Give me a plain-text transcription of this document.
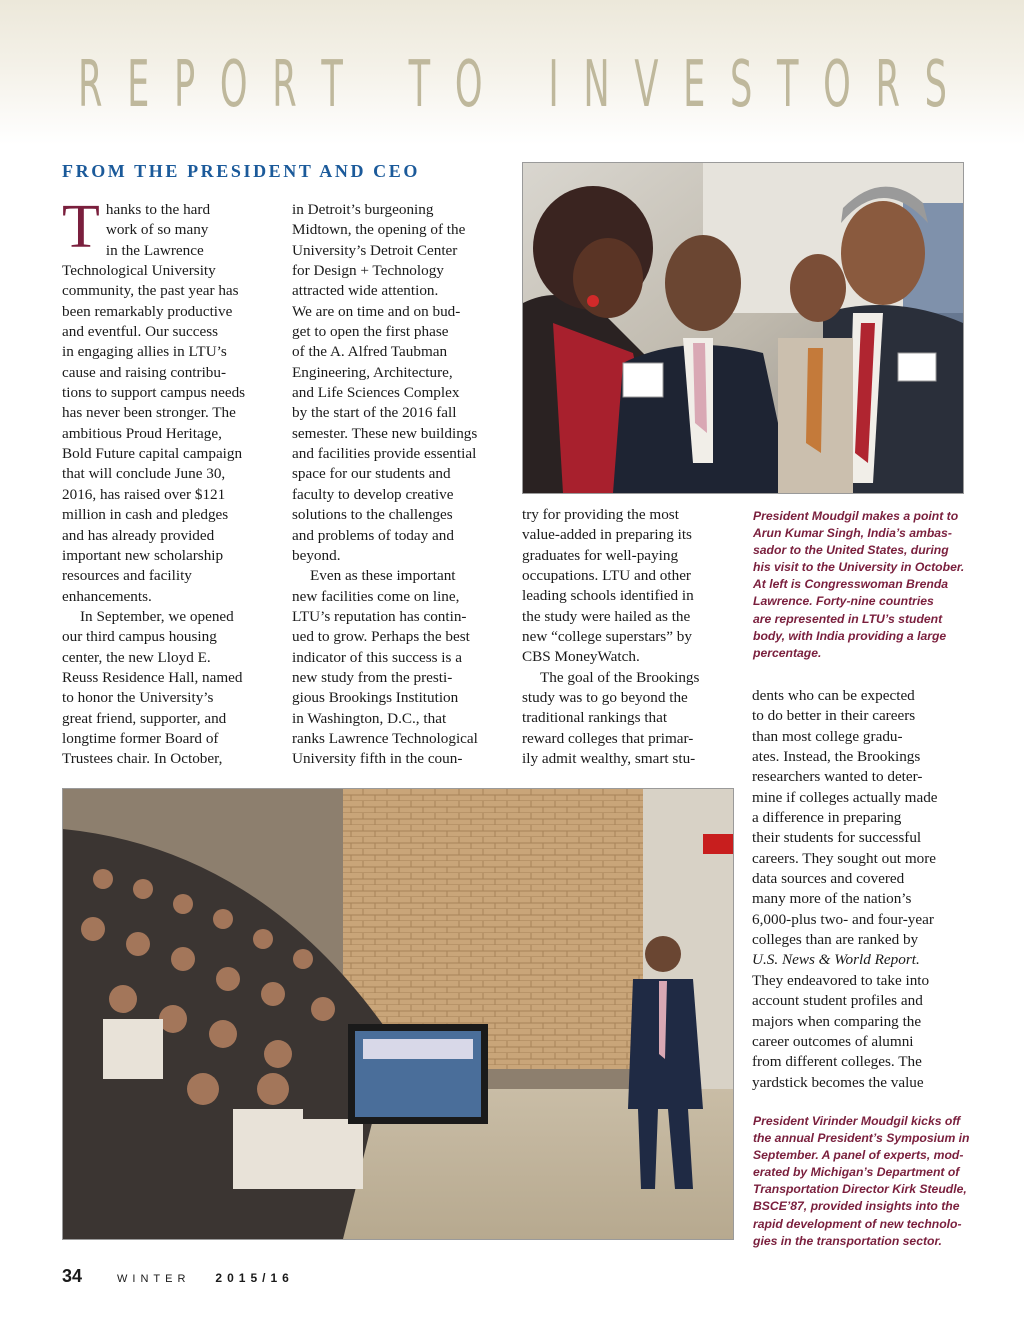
R E P O R T T O I N V E S T O R S
FROM THE PRESIDENT AND CEO
T hanks to the hard
work of so many
in the Lawrence
Technological University
community, the past year has
been remarkably productive
and eventful. Our success
in engaging allies in LTU’s
cause and raising contribu-
tions to support campus needs
has never been stronger. The
ambitious Proud Heritage,
Bold Future capital campaign
that will conclude June 30,
2016, has raised over $121
million in cash and pledges
and has already provided
important new scholarship
resources and facility
enhancements.
In September, we opened
our third campus housing
center, the new Lloyd E.
Reuss Residence Hall, named
to honor the University’s
great friend, supporter, and
longtime former Board of
Trustees chair. In October,
in Detroit’s burgeoning
Midtown, the opening of the
University’s Detroit Center
for Design + Technology
attracted wide attention.
We are on time and on bud-
get to open the first phase
of the A. Alfred Taubman
Engineering, Architecture,
and Life Sciences Complex
by the start of the 2016 fall
semester. These new buildings
and facilities provide essential
space for our students and
faculty to develop creative
solutions to the challenges
and problems of today and
beyond.
Even as these important
new facilities come on line,
LTU’s reputation has contin-
ued to grow. Perhaps the best
indicator of this success is a
new study from the presti-
gious Brookings Institution
in Washington, D.C., that
ranks Lawrence Technological
University fifth in the coun-
try for providing the most
value-added in preparing its
graduates for well-paying
occupations. LTU and other
leading schools identified in
the study were hailed as the
new “college superstars” by
CBS MoneyWatch.
The goal of the Brookings
study was to go beyond the
traditional rankings that
reward colleges that primar-
ily admit wealthy, smart stu-
dents who can be expected
to do better in their careers
than most college gradu-
ates. Instead, the Brookings
researchers wanted to deter-
mine if colleges actually made
a difference in preparing
their students for successful
careers. They sought out more
data sources and covered
many more of the nation’s
6,000-plus two- and four-year
colleges than are ranked by
U.S. News & World Report.
They endeavored to take into
account student profiles and
majors when comparing the
career outcomes of alumni
from different colleges. The
yardstick becomes the value
President Moudgil makes a point to
Arun Kumar Singh, India’s ambas-
sador to the United States, during
his visit to the University in October.
At left is Congresswoman Brenda
Lawrence. Forty-nine countries
are represented in LTU’s student
body, with India providing a large
percentage.
President Virinder Moudgil kicks off
the annual President’s Symposium in
September. A panel of experts, mod-
erated by Michigan’s Department of
Transportation Director Kirk Steudle,
BSCE’87, provided insights into the
rapid development of new technolo-
gies in the transportation sector.
34	WINTER 2015/16
